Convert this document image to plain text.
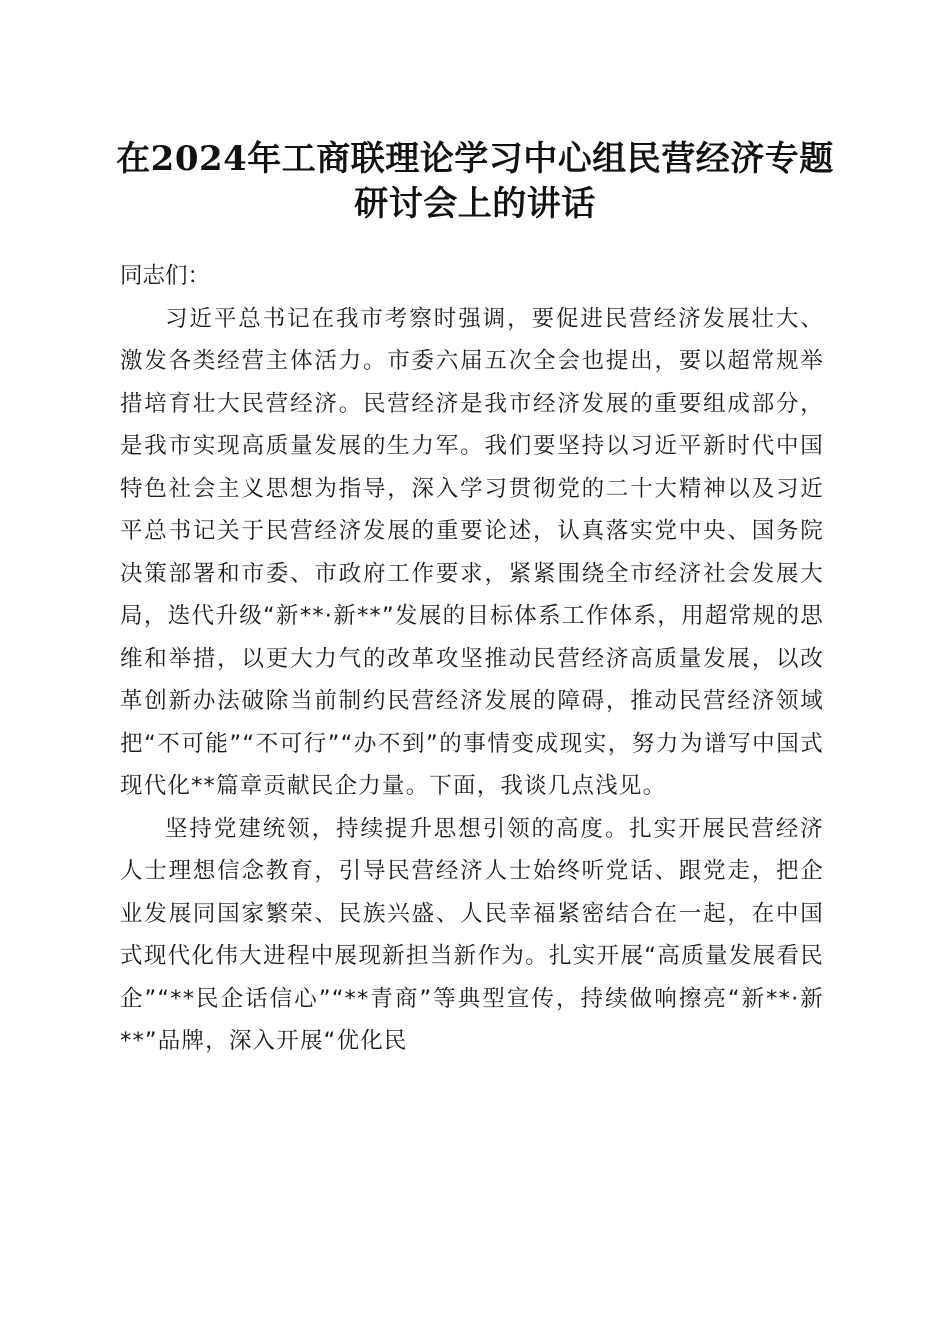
在2024年工商联理论学习中心组民营经济专题研讨会上的讲话

同志们：

习近平总书记在我市考察时强调，要促进民营经济发展壮大、激发各类经营主体活力。市委六届五次全会也提出，要以超常规举措培育壮大民营经济。民营经济是我市经济发展的重要组成部分，是我市实现高质量发展的生力军。我们要坚持以习近平新时代中国特色社会主义思想为指导，深入学习贯彻党的二十大精神以及习近平总书记关于民营经济发展的重要论述，认真落实党中央、国务院决策部署和市委、市政府工作要求，紧紧围绕全市经济社会发展大局，迭代升级“新**·新**”发展的目标体系工作体系，用超常规的思维和举措，以更大力气的改革攻坚推动民营经济高质量发展，以改革创新办法破除当前制约民营经济发展的障碍，推动民营经济领域把“不可能”“不可行”“办不到”的事情变成现实，努力为谱写中国式现代化**篇章贡献民企力量。下面，我谈几点浅见。

坚持党建统领，持续提升思想引领的高度。扎实开展民营经济人士理想信念教育，引导民营经济人士始终听党话、跟党走，把企业发展同国家繁荣、民族兴盛、人民幸福紧密结合在一起，在中国式现代化伟大进程中展现新担当新作为。扎实开展“高质量发展看民企”“**民企话信心”“**青商”等典型宣传，持续做响擦亮“新**·新**”品牌，深入开展“优化民
